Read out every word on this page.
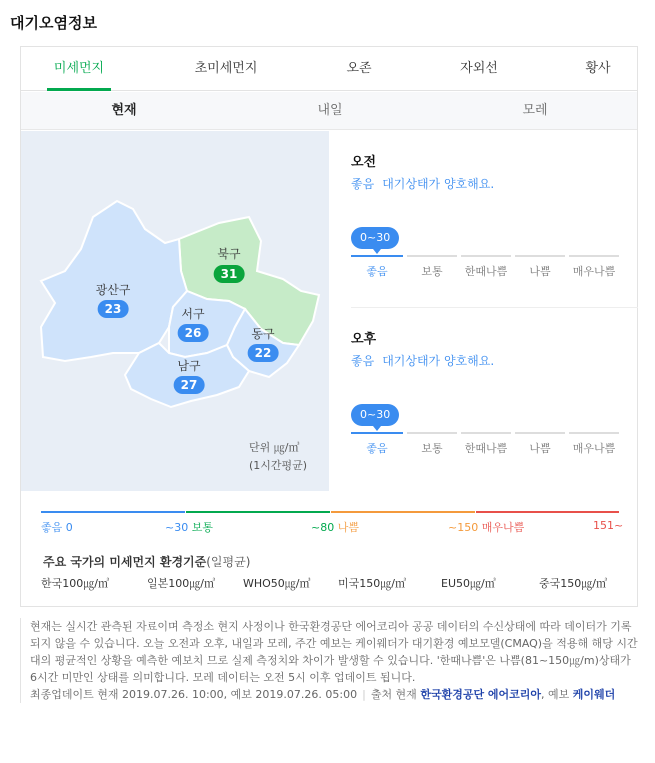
대기오염정보
미세먼지	초미세먼지	오존	자외선	황사
현재	내일	모레
북구
31
광산구
23	서구
26	동구
22
남구
27
단위 ㎍/㎥
(1시간평균)
오전
좋음 대기상태가 양호해요.
0~30
좋음	보통 한때나쁨 나쁨 매우나쁨
오후
좋음 대기상태가 양호해요.
0~30
좋음	보통 한때나쁨 나쁨 매우나쁨
좋음 0	~30 보통	~80 나쁨	~150 매우나쁨	151~
주요 국가의 미세먼지 환경기준(일평균)
한국100㎍/㎥	일본100㎍/㎥	WHO50㎍/㎥ 미국150㎍/㎥	EU50㎍/㎥	중국150㎍/㎥
현재는 실시간 관측된 자료이며 측정소 현지 사정이나 한국환경공단 에어코리아 공공 데이터의 수신상태에 따라 데이터가 기록되지 않을 수 있습니다. 오늘 오전과 오후, 내일과 모레, 주간 예보는 케이웨더가 대기환경 예보모델(CMAQ)을 적용해 해당 시간대의 평균적인 상황을 예측한 예보치 므로 실제 측정치와 차이가 발생할 수 있습니다. '한때나쁨'은 나쁨(81~150㎍/m)상태가 6시간 미만인 상태를 의미합니다. 모레 데이터는 오전 5시 이후 업데이트 됩니다.
최종업데이트 현재 2019.07.26. 10:00, 예보 2019.07.26. 05:00 | 출처 현재 한국환경공단 에어코리아, 예보 케이웨더
